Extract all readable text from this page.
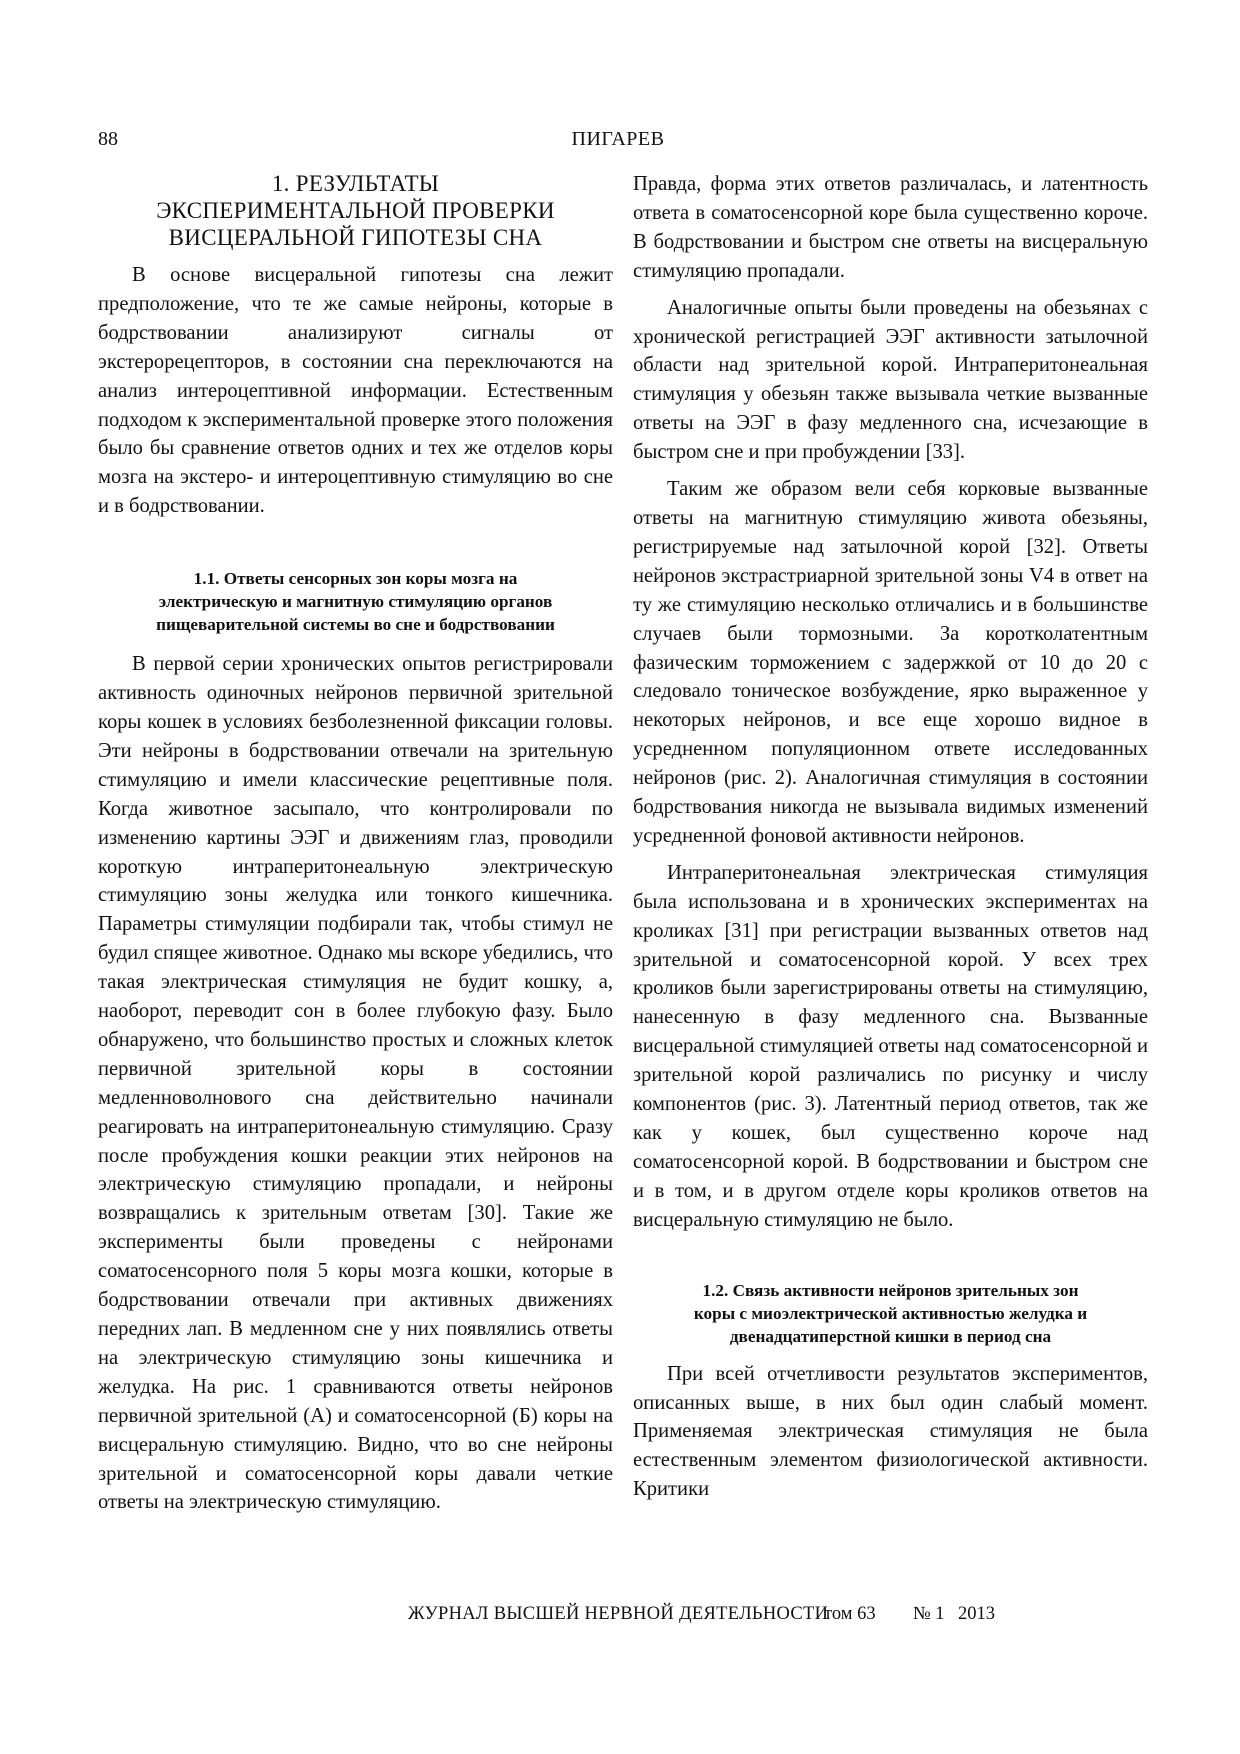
88	ПИГАРЕВ
1. РЕЗУЛЬТАТЫ
ЭКСПЕРИМЕНТАЛЬНОЙ ПРОВЕРКИ
ВИСЦЕРАЛЬНОЙ ГИПОТЕЗЫ СНА

В основе висцеральной гипотезы сна лежит предположение, что те же самые нейроны, которые в бодрствовании анализируют сигналы от экстерорецепторов, в состоянии сна переключаются на анализ интероцептивной информации. Естественным подходом к экспериментальной проверке этого положения было бы сравнение ответов одних и тех же отделов коры мозга на экстеро- и интероцептивную стимуляцию во сне и в бодрствовании.

1.1. Ответы сенсорных зон коры мозга на
электрическую и магнитную стимуляцию органов
пищеварительной системы во сне и бодрствовании

В первой серии хронических опытов регистрировали активность одиночных нейронов первичной зрительной коры кошек в условиях безболезненной фиксации головы. Эти нейроны в бодрствовании отвечали на зрительную стимуляцию и имели классические рецептивные поля. Когда животное засыпало, что контролировали по изменению картины ЭЭГ и движениям глаз, проводили короткую интраперитонеальную электрическую стимуляцию зоны желудка или тонкого кишечника. Параметры стимуляции подбирали так, чтобы стимул не будил спящее животное. Однако мы вскоре убедились, что такая электрическая стимуляция не будит кошку, а, наоборот, переводит сон в более глубокую фазу. Было обнаружено, что большинство простых и сложных клеток первичной зрительной коры в состоянии медленноволнового сна действительно начинали реагировать на интраперитонеальную стимуляцию. Сразу после пробуждения кошки реакции этих нейронов на электрическую стимуляцию пропадали, и нейроны возвращались к зрительным ответам [30]. Такие же эксперименты были проведены с нейронами соматосенсорного поля 5 коры мозга кошки, которые в бодрствовании отвечали при активных движениях передних лап. В медленном сне у них появлялись ответы на электрическую стимуляцию зоны кишечника и желудка. На рис. 1 сравниваются ответы нейронов первичной зрительной (А) и соматосенсорной (Б) коры на висцеральную стимуляцию. Видно, что во сне нейроны зрительной и соматосенсорной коры давали четкие ответы на электрическую стимуляцию.

Правда, форма этих ответов различалась, и латентность ответа в соматосенсорной коре была существенно короче. В бодрствовании и быстром сне ответы на висцеральную стимуляцию пропадали.

Аналогичные опыты были проведены на обезьянах с хронической регистрацией ЭЭГ активности затылочной области над зрительной корой. Интраперитонеальная стимуляция у обезьян также вызывала четкие вызванные ответы на ЭЭГ в фазу медленного сна, исчезающие в быстром сне и при пробуждении [33].

Таким же образом вели себя корковые вызванные ответы на магнитную стимуляцию живота обезьяны, регистрируемые над затылочной корой [32]. Ответы нейронов экстрастриарной зрительной зоны V4 в ответ на ту же стимуляцию несколько отличались и в большинстве случаев были тормозными. За коротколатентным фазическим торможением с задержкой от 10 до 20 с следовало тоническое возбуждение, ярко выраженное у некоторых нейронов, и все еще хорошо видное в усредненном популяционном ответе исследованных нейронов (рис. 2). Аналогичная стимуляция в состоянии бодрствования никогда не вызывала видимых изменений усредненной фоновой активности нейронов.

Интраперитонеальная электрическая стимуляция была использована и в хронических экспериментах на кроликах [31] при регистрации вызванных ответов над зрительной и соматосенсорной корой. У всех трех кроликов были зарегистрированы ответы на стимуляцию, нанесенную в фазу медленного сна. Вызванные висцеральной стимуляцией ответы над соматосенсорной и зрительной корой различались по рисунку и числу компонентов (рис. 3). Латентный период ответов, так же как у кошек, был существенно короче над соматосенсорной корой. В бодрствовании и быстром сне и в том, и в другом отделе коры кроликов ответов на висцеральную стимуляцию не было.

1.2. Связь активности нейронов зрительных зон
коры с миоэлектрической активностью желудка и
двенадцатиперстной кишки в период сна

При всей отчетливости результатов экспериментов, описанных выше, в них был один слабый момент. Применяемая электрическая стимуляция не была естественным элементом физиологической активности. Критики

ЖУРНАЛ ВЫСШЕЙ НЕРВНОЙ ДЕЯТЕЛЬНОСТИ
том 63 № 1 2013
